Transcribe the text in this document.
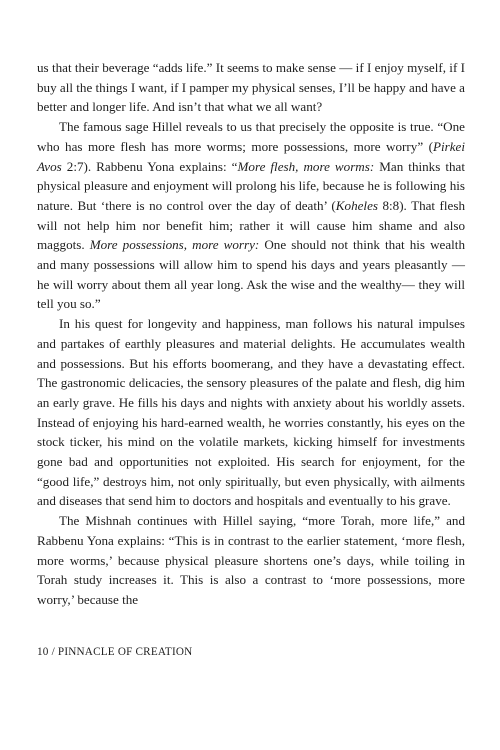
us that their beverage “adds life.” It seems to make sense — if I enjoy myself, if I buy all the things I want, if I pamper my physical senses, I’ll be happy and have a better and longer life. And isn’t that what we all want?

The famous sage Hillel reveals to us that precisely the opposite is true. “One who has more flesh has more worms; more possessions, more worry” (Pirkei Avos 2:7). Rabbenu Yona explains: “More flesh, more worms: Man thinks that physical pleasure and enjoyment will prolong his life, because he is following his nature. But ‘there is no control over the day of death’ (Koheles 8:8). That flesh will not help him nor benefit him; rather it will cause him shame and also maggots. More possessions, more worry: One should not think that his wealth and many possessions will allow him to spend his days and years pleasantly — he will worry about them all year long. Ask the wise and the wealthy— they will tell you so.”

In his quest for longevity and happiness, man follows his natural impulses and partakes of earthly pleasures and material delights. He accumulates wealth and possessions. But his efforts boomerang, and they have a devastating effect. The gastronomic delicacies, the sensory pleasures of the palate and flesh, dig him an early grave. He fills his days and nights with anxiety about his worldly assets. Instead of enjoying his hard-earned wealth, he worries constantly, his eyes on the stock ticker, his mind on the volatile markets, kicking himself for investments gone bad and opportunities not exploited. His search for enjoyment, for the “good life,” destroys him, not only spiritually, but even physically, with ailments and diseases that send him to doctors and hospitals and eventually to his grave.

The Mishnah continues with Hillel saying, “more Torah, more life,” and Rabbenu Yona explains: “This is in contrast to the earlier statement, ‘more flesh, more worms,’ because physical pleasure shortens one’s days, while toiling in Torah study increases it. This is also a contrast to ‘more possessions, more worry,’ because the

10 / PINNACLE OF CREATION
